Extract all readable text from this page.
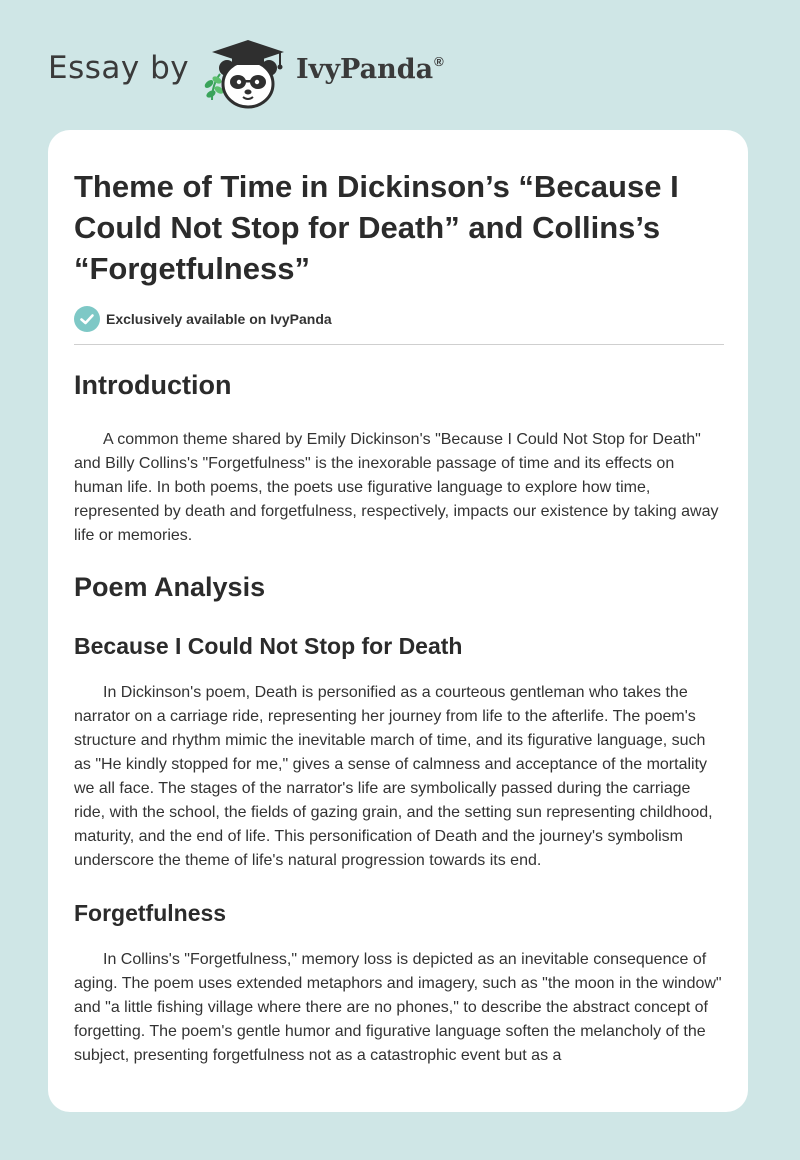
Essay by	IvyPanda®
Theme of Time in Dickinson’s “Because I Could Not Stop for Death” and Collins’s “Forgetfulness”
Exclusively available on IvyPanda
Introduction

A common theme shared by Emily Dickinson's "Because I Could Not Stop for Death" and Billy Collins's "Forgetfulness" is the inexorable passage of time and its effects on human life. In both poems, the poets use figurative language to explore how time, represented by death and forgetfulness, respectively, impacts our existence by taking away life or memories.

Poem Analysis
Because I Could Not Stop for Death

In Dickinson's poem, Death is personified as a courteous gentleman who takes the narrator on a carriage ride, representing her journey from life to the afterlife. The poem's structure and rhythm mimic the inevitable march of time, and its figurative language, such as "He kindly stopped for me," gives a sense of calmness and acceptance of the mortality we all face. The stages of the narrator's life are symbolically passed during the carriage ride, with the school, the fields of gazing grain, and the setting sun representing childhood, maturity, and the end of life. This personification of Death and the journey's symbolism underscore the theme of life's natural progression towards its end.

Forgetfulness

In Collins's "Forgetfulness," memory loss is depicted as an inevitable consequence of aging. The poem uses extended metaphors and imagery, such as "the moon in the window" and "a little fishing village where there are no phones," to describe the abstract concept of forgetting. The poem's gentle humor and figurative language soften the melancholy of the subject, presenting forgetfulness not as a catastrophic event but as a
